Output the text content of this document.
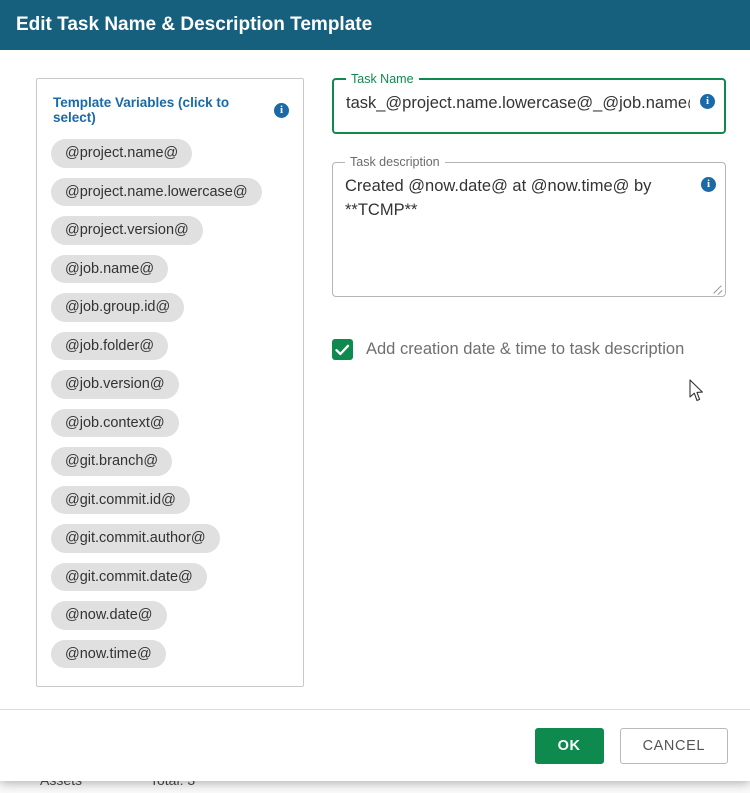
Edit Task Name & Description Template
Template Variables (click to select)
i
@project.name@
@project.name.lowercase@
@project.version@
@job.name@
@job.group.id@
@job.folder@
@job.version@
@job.context@
@git.branch@
@git.commit.id@
@git.commit.author@
@git.commit.date@
@now.date@
@now.time@
Task Name
task_@project.name.lowercase@_@job.name@
i
Task description
Created @now.date@ at @now.time@ by **TCMP**
i
Add creation date & time to task description
OK	CANCEL
